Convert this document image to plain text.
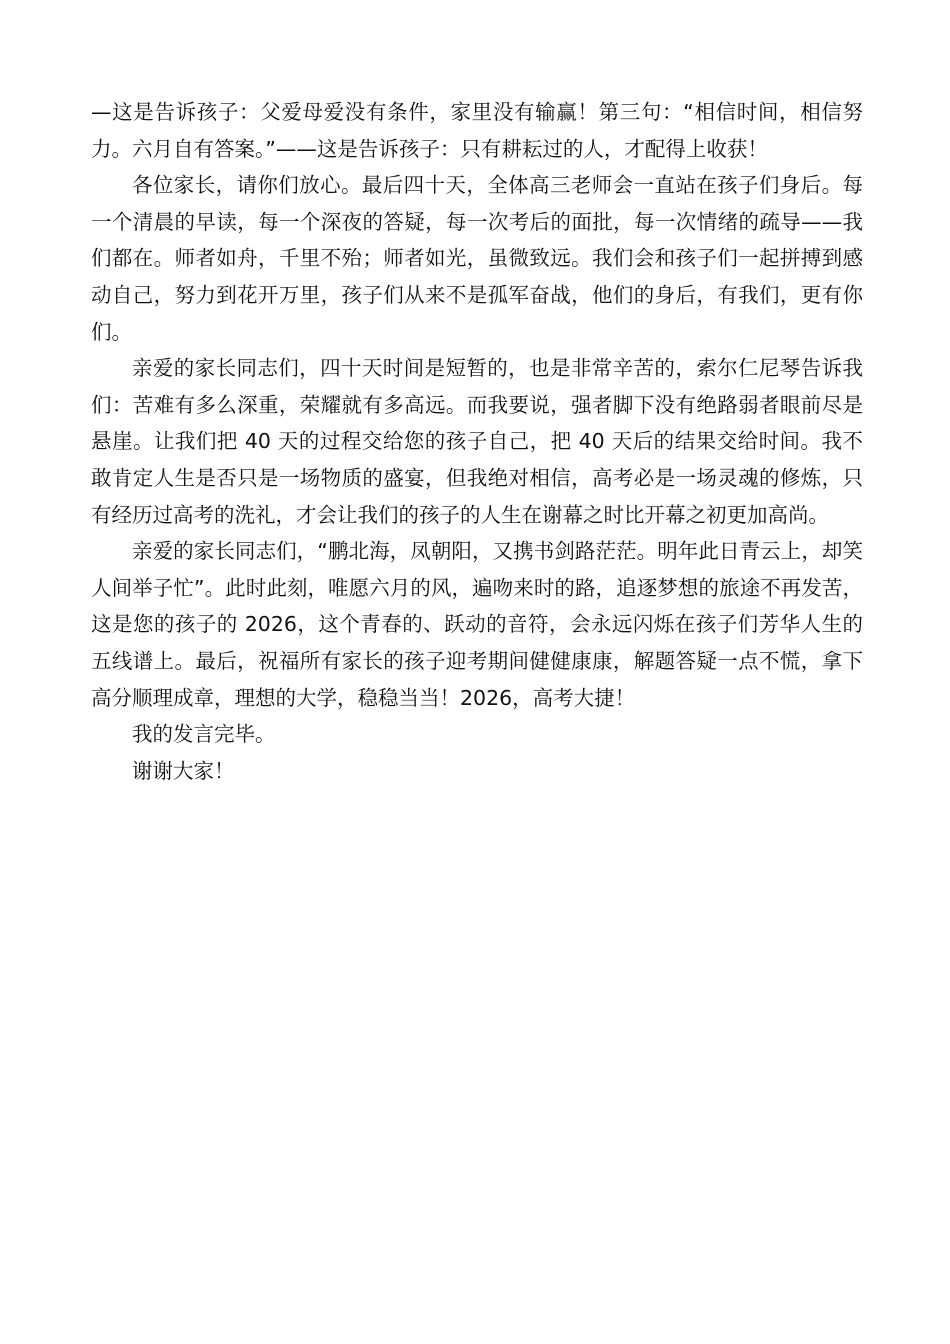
—这是告诉孩子：父爱母爱没有条件，家里没有输赢！第三句：“相信时间，相信努力。六月自有答案。”——这是告诉孩子：只有耕耘过的人，才配得上收获！

各位家长，请你们放心。最后四十天，全体高三老师会一直站在孩子们身后。每一个清晨的早读，每一个深夜的答疑，每一次考后的面批，每一次情绪的疏导——我们都在。师者如舟，千里不殆；师者如光，虽微致远。我们会和孩子们一起拼搏到感动自己，努力到花开万里，孩子们从来不是孤军奋战，他们的身后，有我们，更有你们。

亲爱的家长同志们，四十天时间是短暂的，也是非常辛苦的，索尔仁尼琴告诉我们：苦难有多么深重，荣耀就有多高远。而我要说，强者脚下没有绝路弱者眼前尽是悬崖。让我们把 40 天的过程交给您的孩子自己，把 40 天后的结果交给时间。我不敢肯定人生是否只是一场物质的盛宴，但我绝对相信，高考必是一场灵魂的修炼，只有经历过高考的洗礼，才会让我们的孩子的人生在谢幕之时比开幕之初更加高尚。

亲爱的家长同志们，“鹏北海，凤朝阳，又携书剑路茫茫。明年此日青云上，却笑人间举子忙”。此时此刻，唯愿六月的风，遍吻来时的路，追逐梦想的旅途不再发苦，这是您的孩子的 2026，这个青春的、跃动的音符，会永远闪烁在孩子们芳华人生的五线谱上。最后，祝福所有家长的孩子迎考期间健健康康，解题答疑一点不慌，拿下高分顺理成章，理想的大学，稳稳当当！2026，高考大捷！

我的发言完毕。

谢谢大家！
